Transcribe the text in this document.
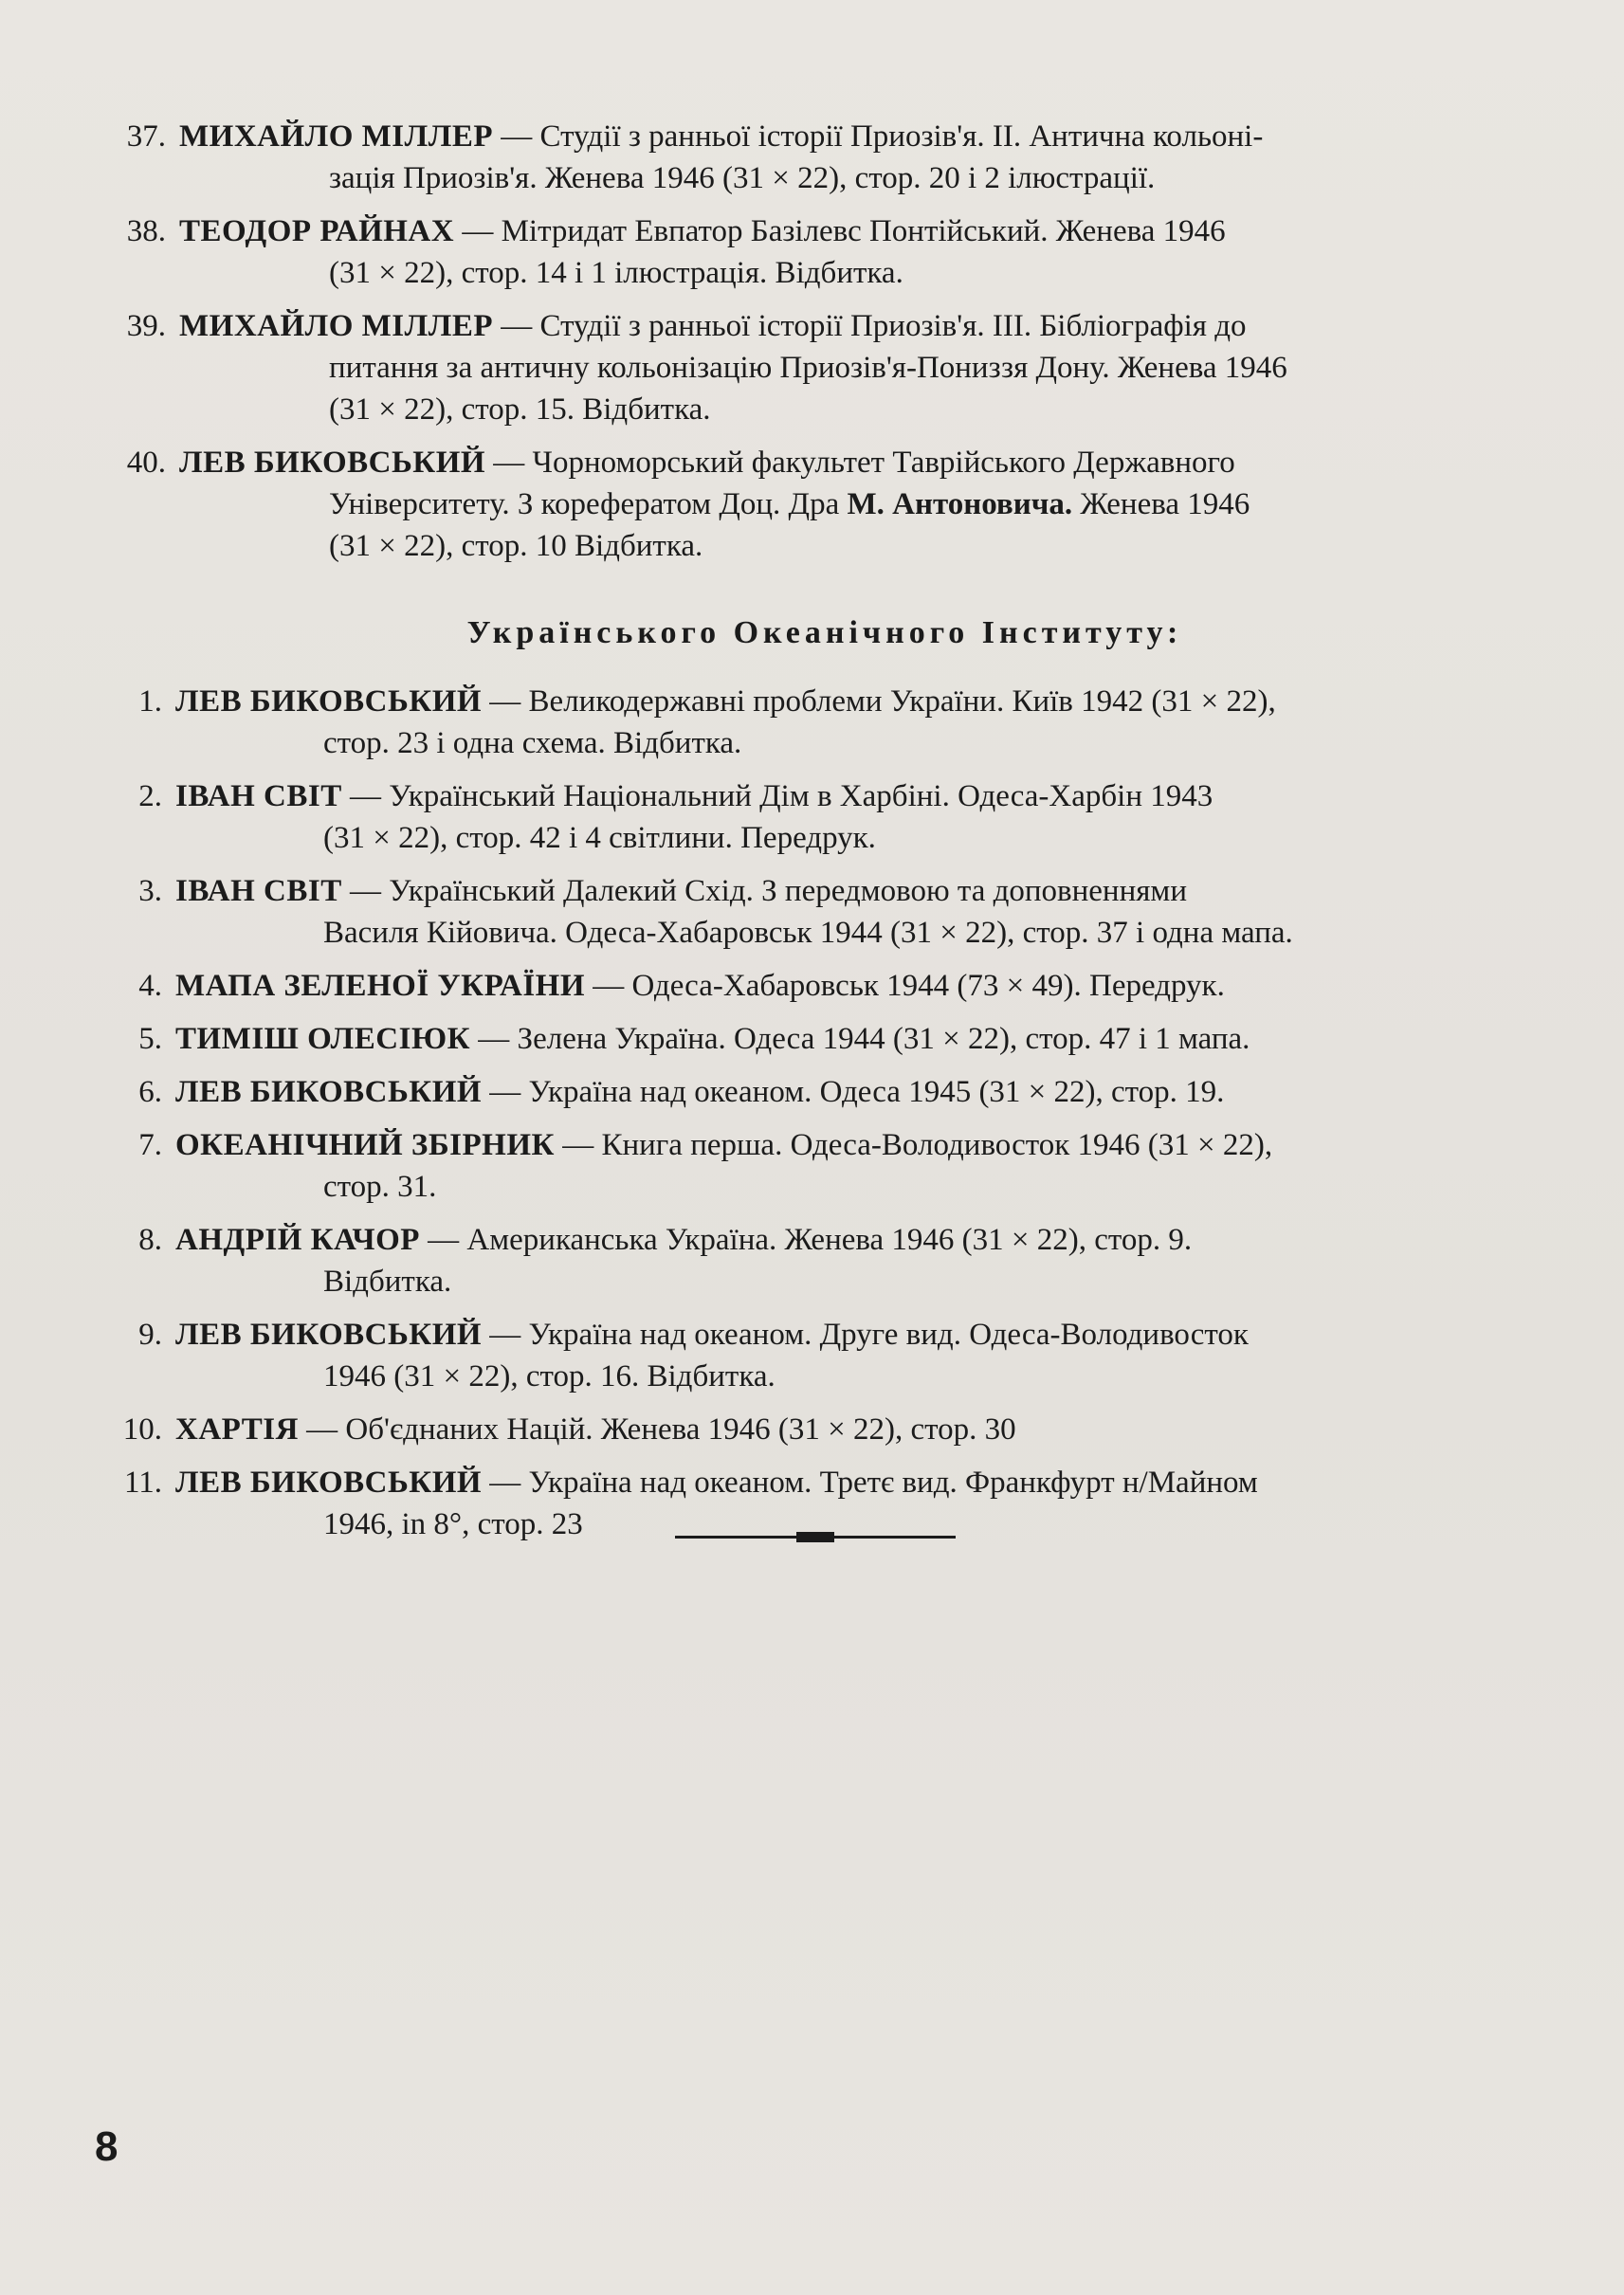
37. МИХАЙЛО МІЛЛЕР — Студії з ранньої історії Приозів'я. II. Антична кольоні-
зація Приозів'я. Женева 1946 (31 × 22), стор. 20 і 2 ілюстрації.
38. ТЕОДОР РАЙНАХ — Мітридат Евпатор Базілевс Понтійський. Женева 1946
(31 × 22), стор. 14 і 1 ілюстрація. Відбитка.
39. МИХАЙЛО МІЛЛЕР — Студії з ранньої історії Приозів'я. III. Бібліографія до
питання за античну кольонізацію Приозів'я-Пониззя Дону. Женева 1946
(31 × 22), стор. 15. Відбитка.
40. ЛЕВ БИКОВСЬКИЙ — Чорноморський факультет Таврійського Державного
Університету. З корефератом Доц. Дра М. Антоновича. Женева 1946
(31 × 22), стор. 10 Відбитка.
Українського Океанічного Інституту:
1. ЛЕВ БИКОВСЬКИЙ — Великодержавні проблеми України. Київ 1942 (31 × 22),
стор. 23 і одна схема. Відбитка.
2. ІВАН СВІТ — Український Національний Дім в Харбіні. Одеса-Харбін 1943
(31 × 22), стор. 42 і 4 світлини. Передрук.
3. ІВАН СВІТ — Український Далекий Схід. З передмовою та доповненнями
Василя Кійовича. Одеса-Хабаровськ 1944 (31 × 22), стор. 37 і одна мапа.
4. МАПА ЗЕЛЕНОЇ УКРАЇНИ — Одеса-Хабаровськ 1944 (73 × 49). Передрук.
5. ТИМІШ ОЛЕСІЮК — Зелена Україна. Одеса 1944 (31 × 22), стор. 47 і 1 мапа.
6. ЛЕВ БИКОВСЬКИЙ — Україна над океаном. Одеса 1945 (31 × 22), стор. 19.
7. ОКЕАНІЧНИЙ ЗБІРНИК — Книга перша. Одеса-Володивосток 1946 (31 × 22),
стор. 31.
8. АНДРІЙ КАЧОР — Американська Україна. Женева 1946 (31 × 22), стор. 9.
Відбитка.
9. ЛЕВ БИКОВСЬКИЙ — Україна над океаном. Друге вид. Одеса-Володивосток
1946 (31 × 22), стор. 16. Відбитка.
10. ХАРТІЯ — Об'єднаних Націй. Женева 1946 (31 × 22), стор. 30
11. ЛЕВ БИКОВСЬКИЙ — Україна над океаном. Третє вид. Франкфурт н/Майном
1946, in 8°, стор. 23
8
